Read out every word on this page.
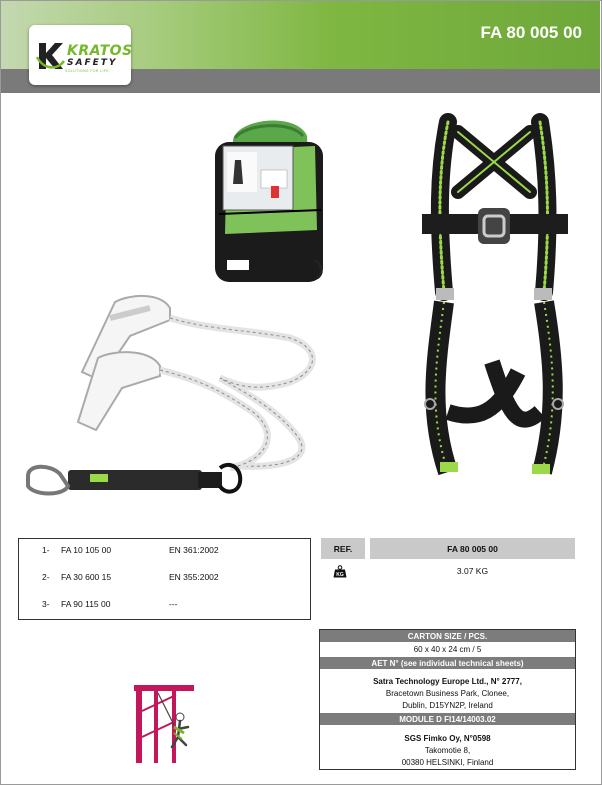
KRATOS
SAFETY
SOLUTIONS FOR LIFE
FA 80 005 00
1- FA 10 105 00	EN 361:2002
2- FA 30 600 15	EN 355:2002
3- FA 90 115 00	---
REF.	FA 80 005 00
KG	3.07 KG
CARTON SIZE / PCS.
60 x 40 x 24 cm / 5
AET N° (see individual technical sheets)
Satra Technology Europe Ltd., N° 2777,
Bracetown Business Park, Clonee,
Dublin, D15YN2P, Ireland
MODULE D FI14/14003.02
SGS Fimko Oy, N°0598
Takomotie 8,
00380 HELSINKI, Finland
